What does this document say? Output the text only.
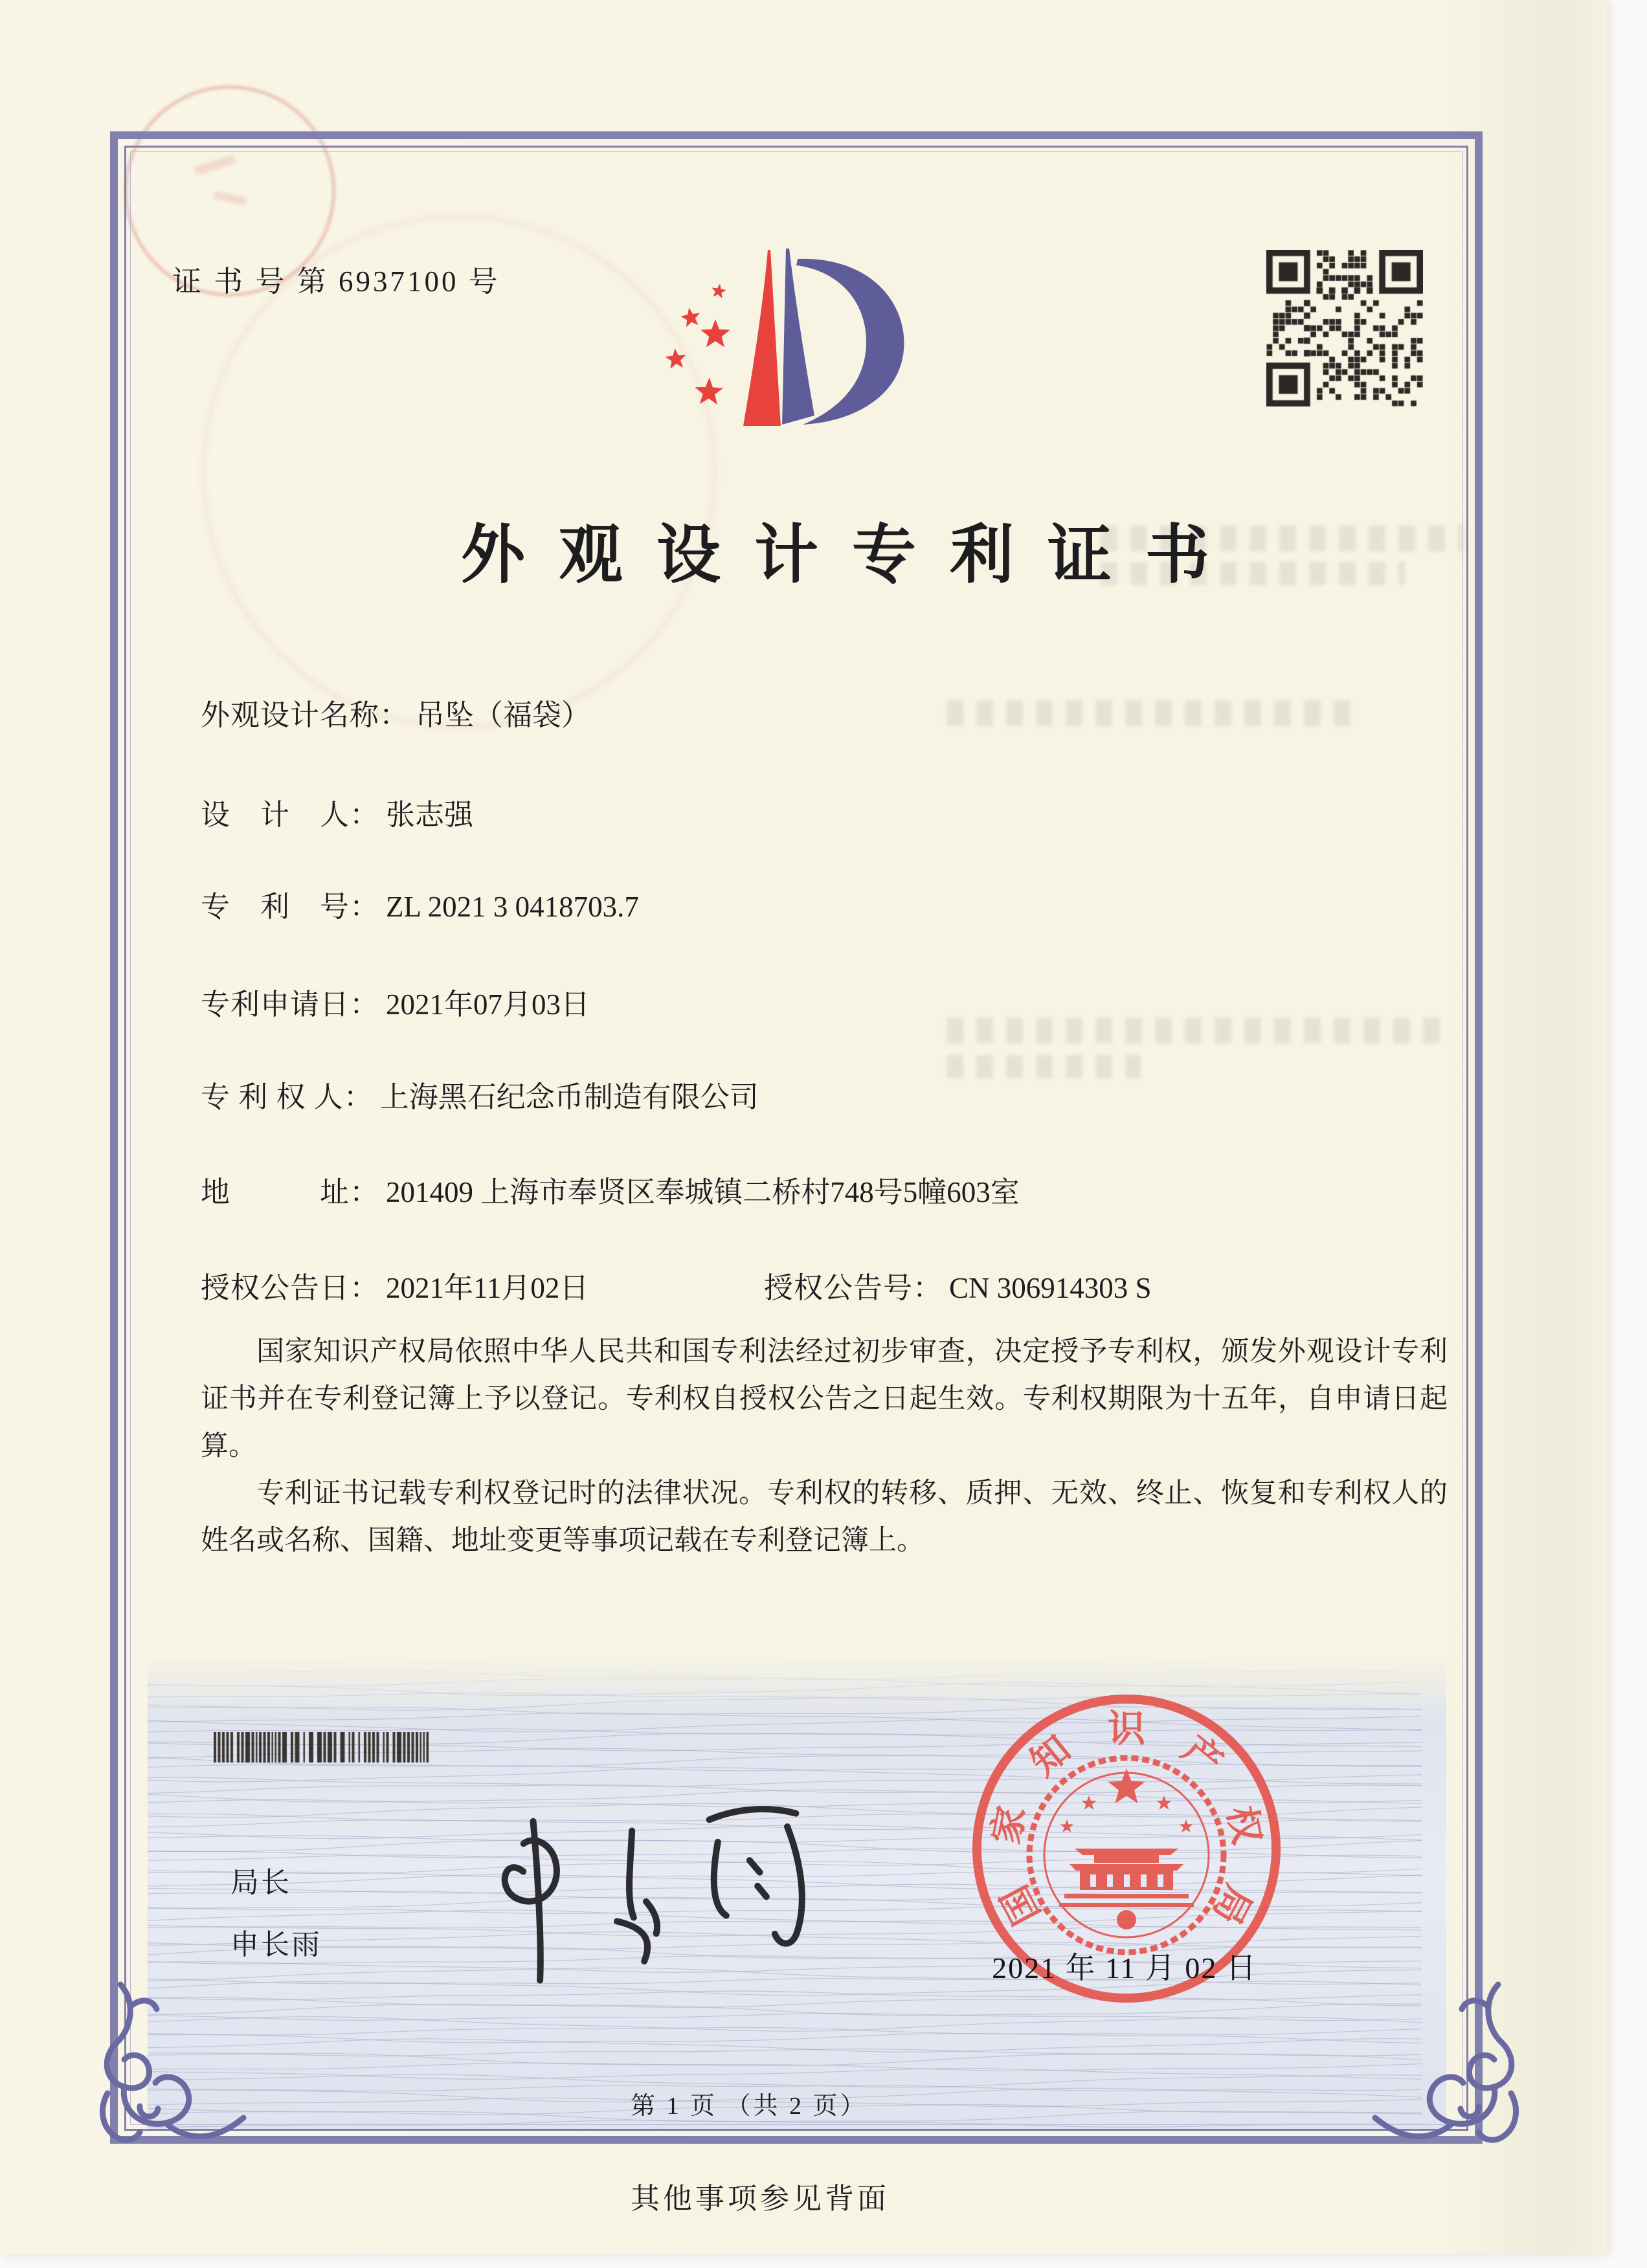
证 书 号 第 6937100 号
外观设计专利证书
外观设计名称： 吊坠（福袋）
设　计　人： 张志强
专　利　号： ZL 2021 3 0418703.7
专利申请日： 2021年07月03日
专 利 权 人： 上海黑石纪念币制造有限公司
地　　　址： 201409 上海市奉贤区奉城镇二桥村748号5幢603室
授权公告日： 2021年11月02日	授权公告号： CN 306914303 S

国家知识产权局依照中华人民共和国专利法经过初步审查，决定授予专利权，颁发外观设计专利证书并在专利登记簿上予以登记。专利权自授权公告之日起生效。专利权期限为十五年，自申请日起算。

专利证书记载专利权登记时的法律状况。专利权的转移、质押、无效、终止、恢复和专利权人的姓名或名称、国籍、地址变更等事项记载在专利登记簿上。

局长
申长雨
国
家
知 识 产
权
局
2021 年 11 月 02 日
第 1 页 （共 2 页）
其他事项参见背面
